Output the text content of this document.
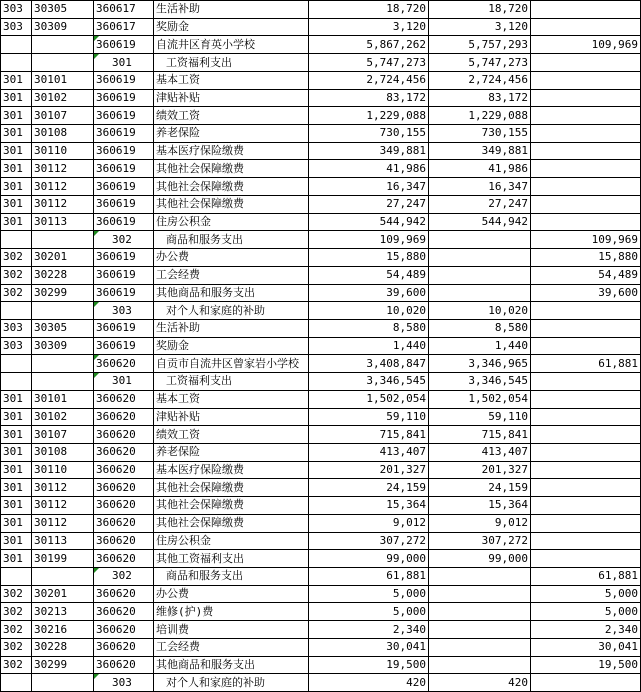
303	30305	360617	生活补助	18,720	18,720	
303	30309	360617	奖励金	3,120	3,120	
		360619	自流井区育英小学校	5,867,262	5,757,293	109,969
		301	工资福利支出	5,747,273	5,747,273	
301	30101	360619	基本工资	2,724,456	2,724,456	
301	30102	360619	津贴补贴	83,172	83,172	
301	30107	360619	绩效工资	1,229,088	1,229,088	
301	30108	360619	养老保险	730,155	730,155	
301	30110	360619	基本医疗保险缴费	349,881	349,881	
301	30112	360619	其他社会保障缴费	41,986	41,986	
301	30112	360619	其他社会保障缴费	16,347	16,347	
301	30112	360619	其他社会保障缴费	27,247	27,247	
301	30113	360619	住房公积金	544,942	544,942	
		302	商品和服务支出	109,969		109,969
302	30201	360619	办公费	15,880		15,880
302	30228	360619	工会经费	54,489		54,489
302	30299	360619	其他商品和服务支出	39,600		39,600
		303	对个人和家庭的补助	10,020	10,020	
303	30305	360619	生活补助	8,580	8,580	
303	30309	360619	奖励金	1,440	1,440	
		360620	自贡市自流井区曾家岩小学校	3,408,847	3,346,965	61,881
		301	工资福利支出	3,346,545	3,346,545	
301	30101	360620	基本工资	1,502,054	1,502,054	
301	30102	360620	津贴补贴	59,110	59,110	
301	30107	360620	绩效工资	715,841	715,841	
301	30108	360620	养老保险	413,407	413,407	
301	30110	360620	基本医疗保险缴费	201,327	201,327	
301	30112	360620	其他社会保障缴费	24,159	24,159	
301	30112	360620	其他社会保障缴费	15,364	15,364	
301	30112	360620	其他社会保障缴费	9,012	9,012	
301	30113	360620	住房公积金	307,272	307,272	
301	30199	360620	其他工资福利支出	99,000	99,000	
		302	商品和服务支出	61,881		61,881
302	30201	360620	办公费	5,000		5,000
302	30213	360620	维修(护)费	5,000		5,000
302	30216	360620	培训费	2,340		2,340
302	30228	360620	工会经费	30,041		30,041
302	30299	360620	其他商品和服务支出	19,500		19,500
		303	对个人和家庭的补助	420	420	
